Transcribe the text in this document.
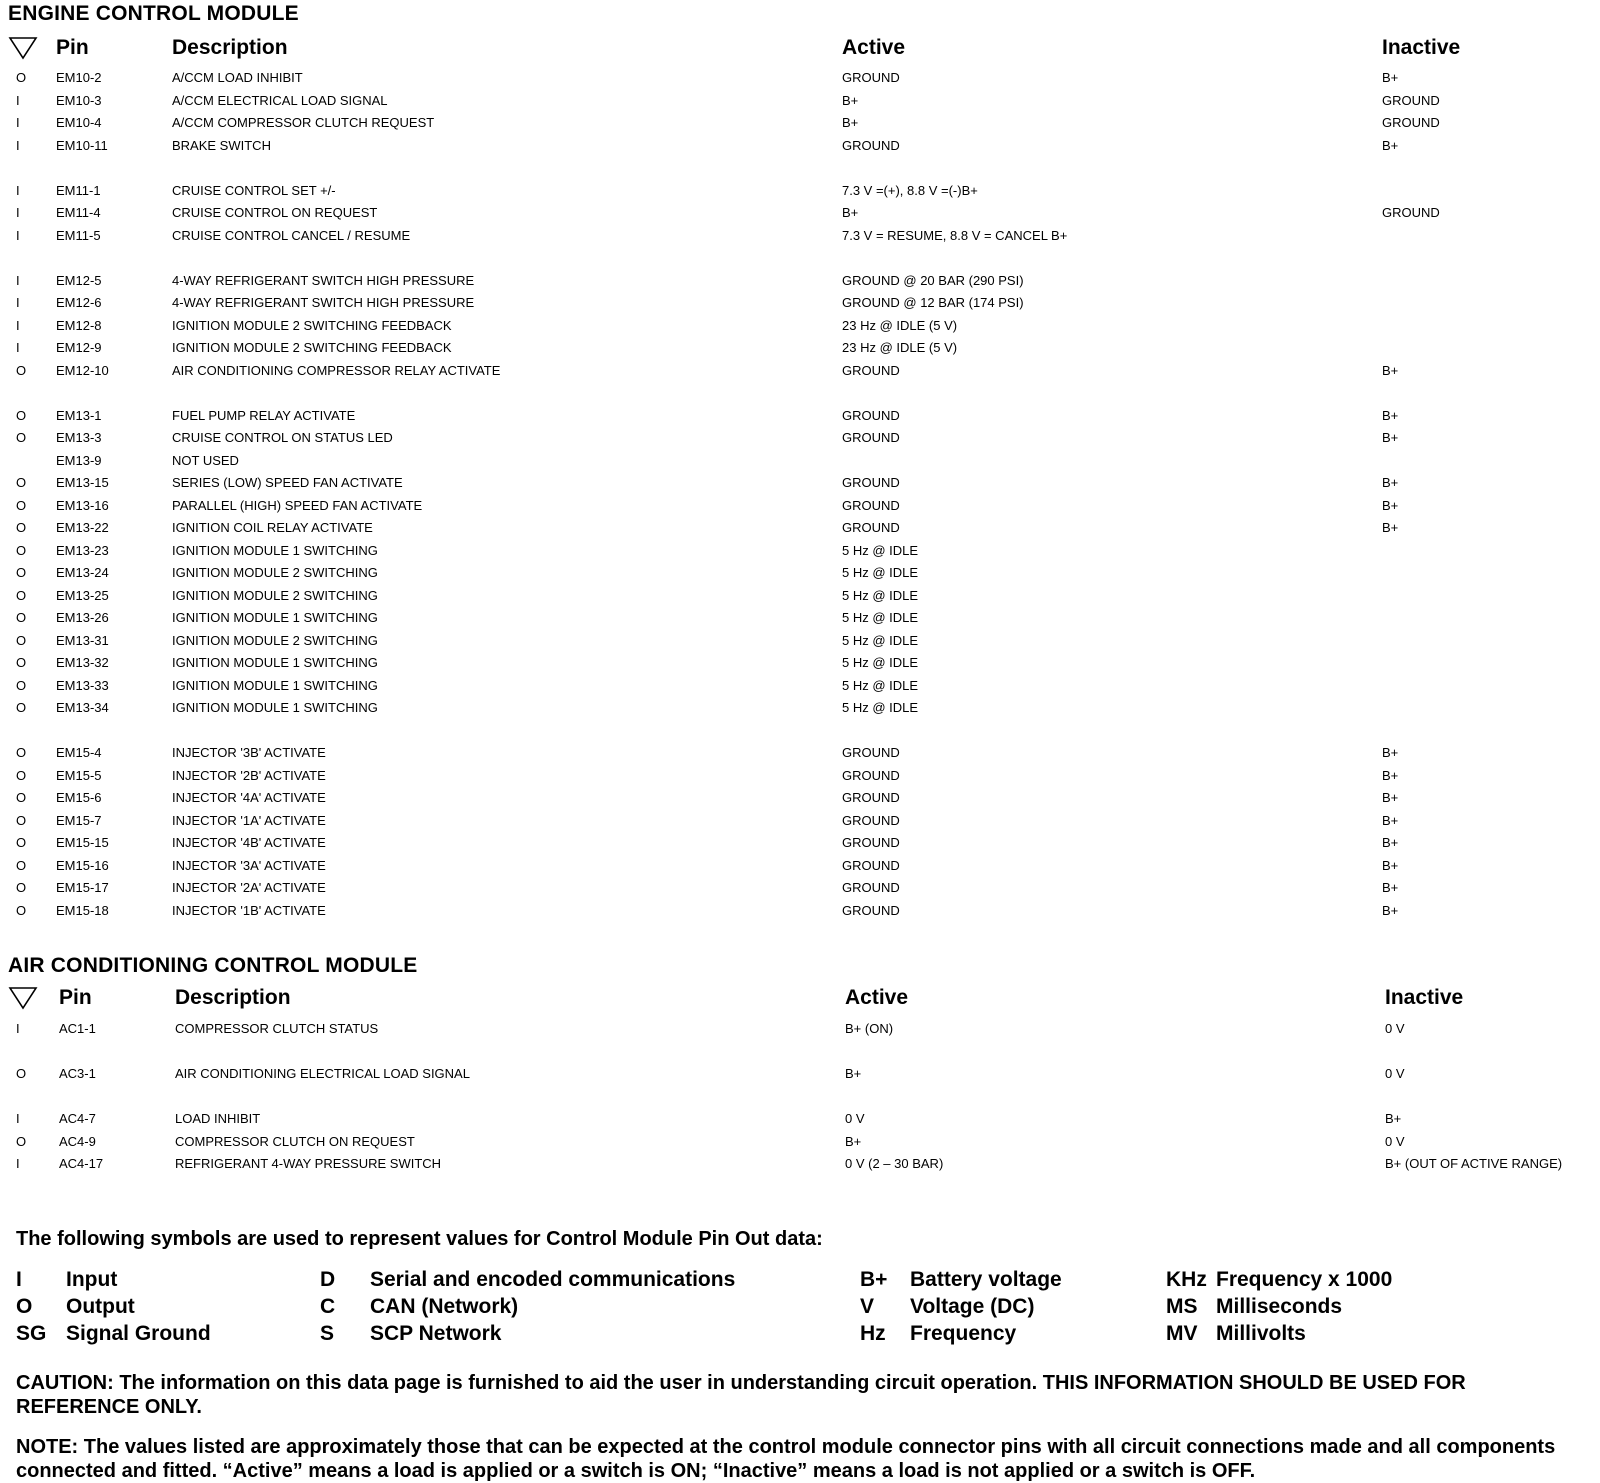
ENGINE CONTROL MODULE
Pin	Description	Active	Inactive
O	EM10-2	A/CCM LOAD INHIBIT	GROUND	B+
I	EM10-3	A/CCM ELECTRICAL LOAD SIGNAL	B+	GROUND
I	EM10-4	A/CCM COMPRESSOR CLUTCH REQUEST	B+	GROUND
I	EM10-11	BRAKE SWITCH	GROUND	B+
I	EM11-1	CRUISE CONTROL SET +/-	7.3 V =(+), 8.8 V =(-)B+
I	EM11-4	CRUISE CONTROL ON REQUEST	B+	GROUND
I	EM11-5	CRUISE CONTROL CANCEL / RESUME	7.3 V = RESUME, 8.8 V = CANCEL B+
I	EM12-5	4-WAY REFRIGERANT SWITCH HIGH PRESSURE	GROUND @ 20 BAR (290 PSI)
I	EM12-6	4-WAY REFRIGERANT SWITCH HIGH PRESSURE	GROUND @ 12 BAR (174 PSI)
I	EM12-8	IGNITION MODULE 2 SWITCHING FEEDBACK	23 Hz @ IDLE (5 V)
I	EM12-9	IGNITION MODULE 2 SWITCHING FEEDBACK	23 Hz @ IDLE (5 V)
O	EM12-10	AIR CONDITIONING COMPRESSOR RELAY ACTIVATE	GROUND	B+
O	EM13-1	FUEL PUMP RELAY ACTIVATE	GROUND	B+
O	EM13-3	CRUISE CONTROL ON STATUS LED	GROUND	B+
EM13-9	NOT USED
O	EM13-15	SERIES (LOW) SPEED FAN ACTIVATE	GROUND	B+
O	EM13-16	PARALLEL (HIGH) SPEED FAN ACTIVATE	GROUND	B+
O	EM13-22	IGNITION COIL RELAY ACTIVATE	GROUND	B+
O	EM13-23	IGNITION MODULE 1 SWITCHING	5 Hz @ IDLE
O	EM13-24	IGNITION MODULE 2 SWITCHING	5 Hz @ IDLE
O	EM13-25	IGNITION MODULE 2 SWITCHING	5 Hz @ IDLE
O	EM13-26	IGNITION MODULE 1 SWITCHING	5 Hz @ IDLE
O	EM13-31	IGNITION MODULE 2 SWITCHING	5 Hz @ IDLE
O	EM13-32	IGNITION MODULE 1 SWITCHING	5 Hz @ IDLE
O	EM13-33	IGNITION MODULE 1 SWITCHING	5 Hz @ IDLE
O	EM13-34	IGNITION MODULE 1 SWITCHING	5 Hz @ IDLE
O	EM15-4	INJECTOR '3B' ACTIVATE	GROUND	B+
O	EM15-5	INJECTOR '2B' ACTIVATE	GROUND	B+
O	EM15-6	INJECTOR '4A' ACTIVATE	GROUND	B+
O	EM15-7	INJECTOR '1A' ACTIVATE	GROUND	B+
O	EM15-15	INJECTOR '4B' ACTIVATE	GROUND	B+
O	EM15-16	INJECTOR '3A' ACTIVATE	GROUND	B+
O	EM15-17	INJECTOR '2A' ACTIVATE	GROUND	B+
O	EM15-18	INJECTOR '1B' ACTIVATE	GROUND	B+
AIR CONDITIONING CONTROL MODULE
Pin	Description	Active	Inactive
I	AC1-1	COMPRESSOR CLUTCH STATUS	B+ (ON)	0 V
O	AC3-1	AIR CONDITIONING ELECTRICAL LOAD SIGNAL	B+	0 V
I	AC4-7	LOAD INHIBIT	0 V	B+
O	AC4-9	COMPRESSOR CLUTCH ON REQUEST	B+	0 V
I	AC4-17	REFRIGERANT 4-WAY PRESSURE SWITCH	0 V (2 – 30 BAR)	B+ (OUT OF ACTIVE RANGE)
The following symbols are used to represent values for Control Module Pin Out data:
I Input
O Output
SG Signal Ground
D Serial and encoded communications
C CAN (Network)
S SCP Network
B+ Battery voltage
V Voltage (DC)
Hz Frequency
KHz Frequency x 1000
MS Milliseconds
MV Millivolts
CAUTION: The information on this data page is furnished to aid the user in understanding circuit operation. THIS INFORMATION SHOULD BE USED FOR REFERENCE ONLY.
NOTE: The values listed are approximately those that can be expected at the control module connector pins with all circuit connections made and all components connected and fitted. “Active” means a load is applied or a switch is ON; “Inactive” means a load is not applied or a switch is OFF.
